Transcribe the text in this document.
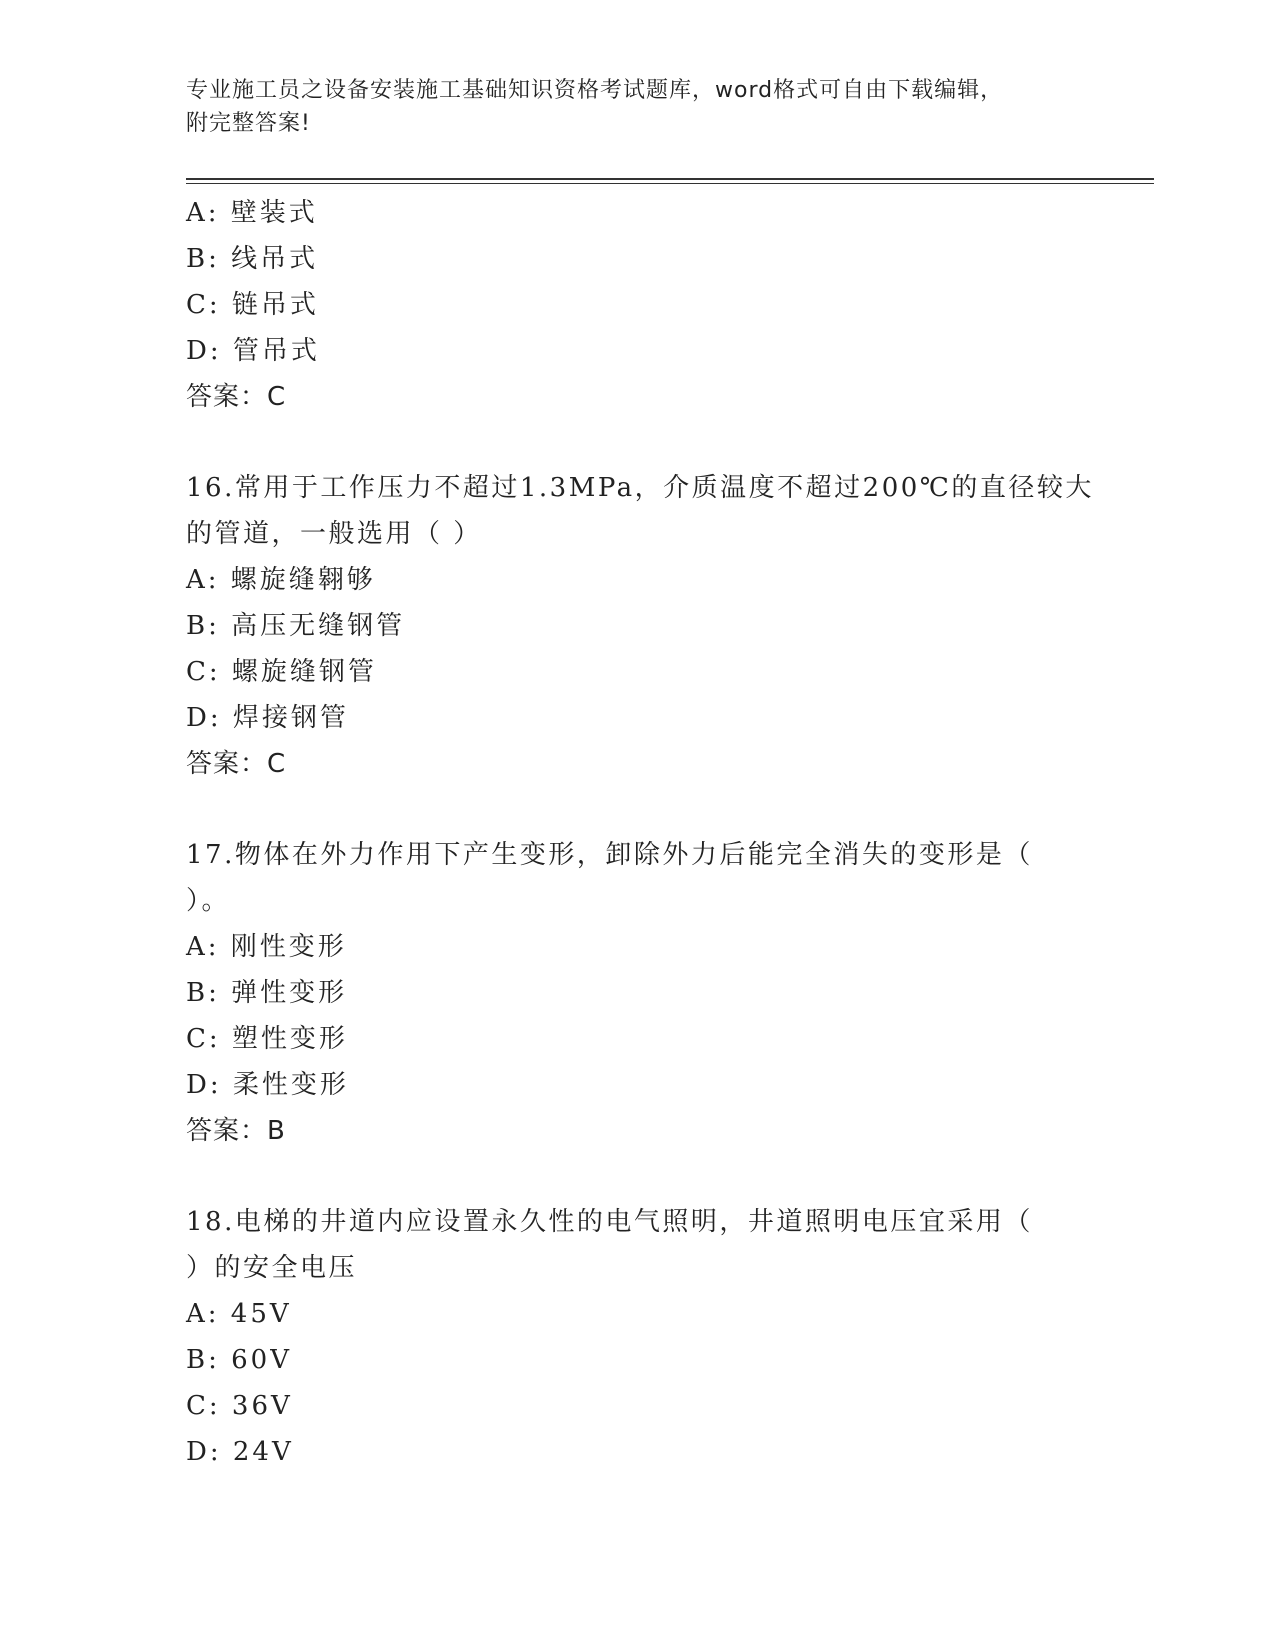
专业施工员之设备安装施工基础知识资格考试题库，word格式可自由下载编辑，
附完整答案!
A: 壁装式
B: 线吊式
C: 链吊式
D: 管吊式
答案：C
16.常用于工作压力不超过1.3MPa，介质温度不超过200℃的直径较大
的管道，一般选用（ ）
A: 螺旋缝翱够
B: 高压无缝钢管
C: 螺旋缝钢管
D: 焊接钢管
答案：C
17.物体在外力作用下产生变形，卸除外力后能完全消失的变形是（
）。
A: 刚性变形
B: 弹性变形
C: 塑性变形
D: 柔性变形
答案：B
18.电梯的井道内应设置永久性的电气照明，井道照明电压宜采用（
）的安全电压
A: 45V
B: 60V
C: 36V
D: 24V
